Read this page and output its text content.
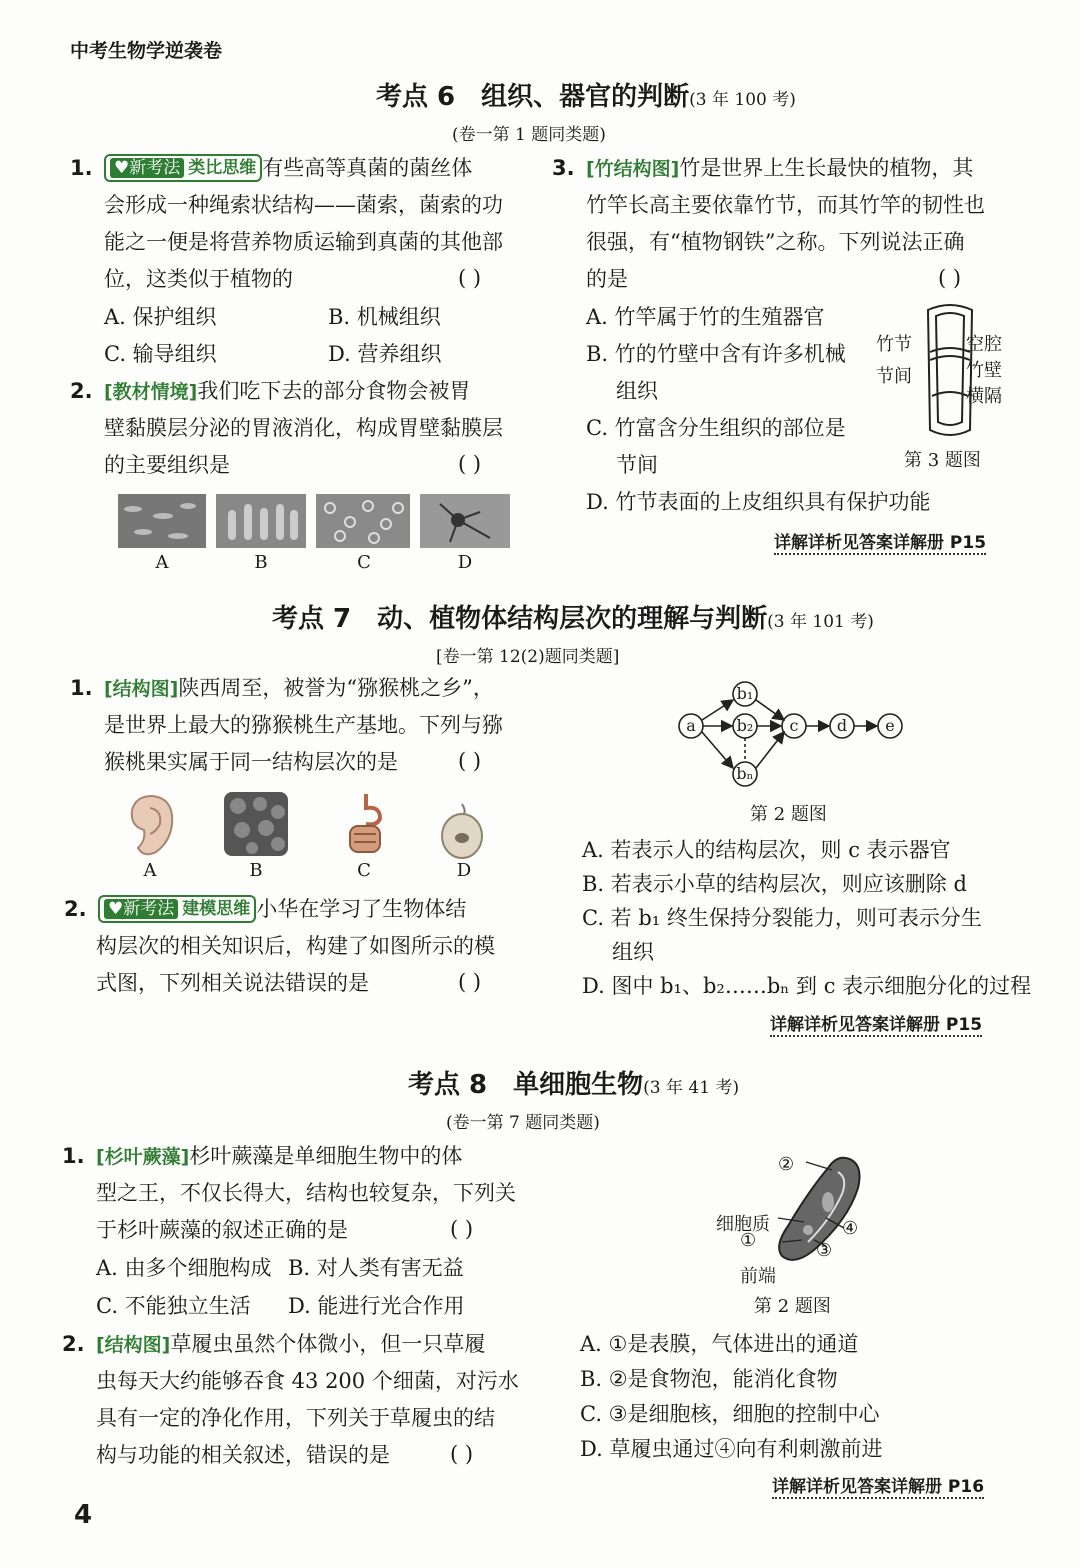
中考生物学逆袭卷
考点 6　组织、器官的判断(3 年 100 考)
(卷一第 1 题同类题)
1.	♥新考法 类比思维 有些高等真菌的菌丝体
会形成一种绳索状结构——菌索，菌索的功
能之一便是将营养物质运输到真菌的其他部
位，这类似于植物的	( )
A. 保护组织	B. 机械组织
C. 输导组织	D. 营养组织
2. [教材情境]我们吃下去的部分食物会被胃
壁黏膜层分泌的胃液消化，构成胃壁黏膜层
的主要组织是	( )
A	B	C	D
3. [竹结构图]竹是世界上生长最快的植物，其
竹竿长高主要依靠竹节，而其竹竿的韧性也
很强，有“植物钢铁”之称。下列说法正确
的是	( )
A. 竹竿属于竹的生殖器官
B. 竹的竹壁中含有许多机械
组织
C. 竹富含分生组织的部位是
节间
D. 竹节表面的上皮组织具有保护功能
竹节
节间
空腔
竹壁
横隔
第 3 题图
详解详析见答案详解册 P15
考点 7　动、植物体结构层次的理解与判断(3 年 101 考)
[卷一第 12(2)题同类题]
1. [结构图]陕西周至，被誉为“猕猴桃之乡”，
是世界上最大的猕猴桃生产基地。下列与猕
猴桃果实属于同一结构层次的是	( )
A	B	C	D
2.	♥新考法 建模思维 小华在学习了生物体结
构层次的相关知识后，构建了如图所示的模
式图，下列相关说法错误的是	( )
a
b₁
b₂
bₙ
c d e
第 2 题图
A. 若表示人的结构层次，则 c 表示器官
B. 若表示小草的结构层次，则应该删除 d
C. 若 b₁ 终生保持分裂能力，则可表示分生
组织
D. 图中 b₁、b₂……bₙ 到 c 表示细胞分化的过程
详解详析见答案详解册 P15
考点 8　单细胞生物(3 年 41 考)
(卷一第 7 题同类题)
1. [杉叶蕨藻]杉叶蕨藻是单细胞生物中的体
型之王，不仅长得大，结构也较复杂，下列关
于杉叶蕨藻的叙述正确的是	( )
A. 由多个细胞构成 B. 对人类有害无益
C. 不能独立生活 D. 能进行光合作用
2. [结构图]草履虫虽然个体微小，但一只草履
虫每天大约能够吞食 43 200 个细菌，对污水
具有一定的净化作用，下列关于草履虫的结
构与功能的相关叙述，错误的是	( )
②
细胞质
①
④
③
前端
第 2 题图
A. ①是表膜，气体进出的通道
B. ②是食物泡，能消化食物
C. ③是细胞核，细胞的控制中心
D. 草履虫通过④向有利刺激前进
详解详析见答案详解册 P16
4
